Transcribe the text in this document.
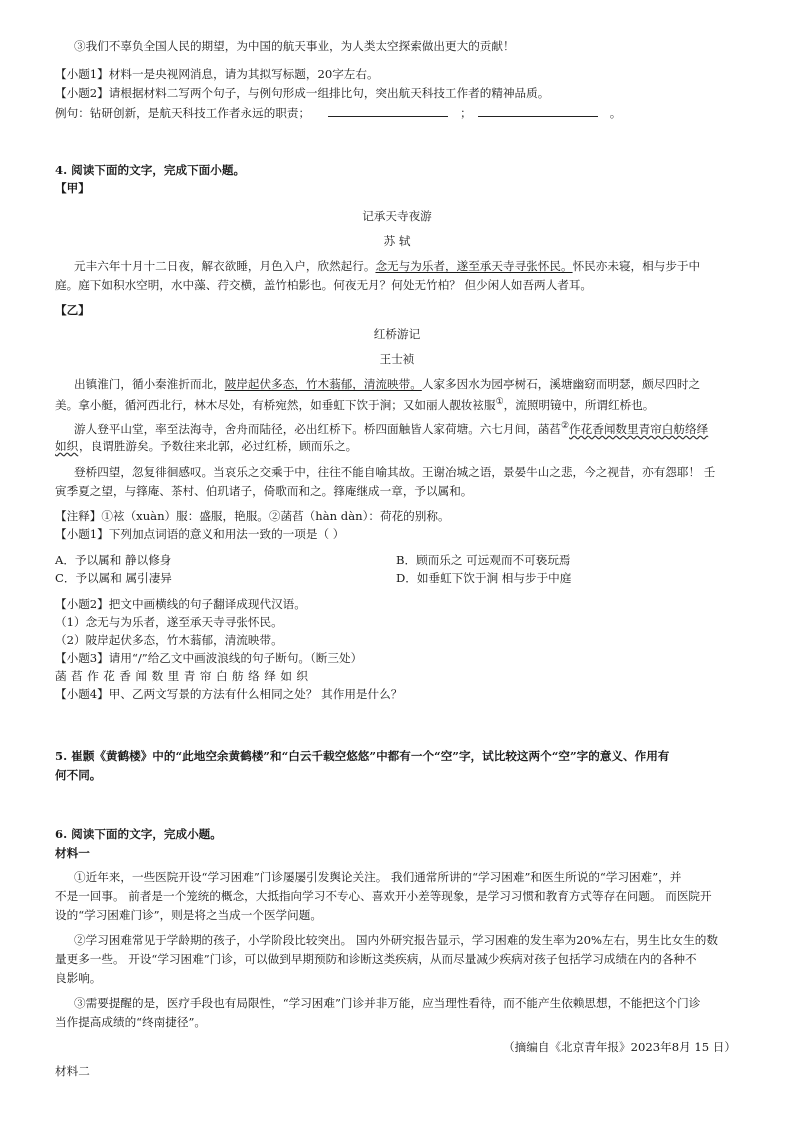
③我们不辜负全国人民的期望，为中国的航天事业，为人类太空探索做出更大的贡献！
【小题1】材料一是央视网消息，请为其拟写标题，20字左右。
【小题2】请根据材料二写两个句子，与例句形成一组排比句，突出航天科技工作者的精神品质。
例句：钻研创新，是航天科技工作者永远的职责；	；	。
4. 阅读下面的文字，完成下面小题。
【甲】
记承天寺夜游
苏 轼
元丰六年十月十二日夜，解衣欲睡，月色入户，欣然起行。念无与为乐者，遂至承天寺寻张怀民。怀民亦未寝，相与步于中
庭。庭下如积水空明，水中藻、荇交横，盖竹柏影也。何夜无月？何处无竹柏？ 但少闲人如吾两人者耳。
【乙】
红桥游记
王士祯
出镇淮门，循小秦淮折而北，陂岸起伏多态，竹木蓊郁，清流映带。人家多因水为园亭树石，溪塘幽窈而明瑟，颇尽四时之
美。拿小艇，循河西北行，林木尽处，有桥宛然，如垂虹下饮于涧；又如丽人靓妆袨服①，流照明镜中，所谓红桥也。
游人登平山堂，率至法海寺，舍舟而陆径，必出红桥下。桥四面触皆人家荷塘。六七月间，菡萏②作花香闻数里青帘白舫络绎
如织 ，良谓胜游矣。予数往来北郭，必过红桥，顾而乐之。
登桥四望，忽复徘徊感叹。当哀乐之交乘于中，往往不能自喻其故。王谢冶城之语，景晏牛山之悲，今之视昔，亦有怨耶！ 壬
寅季夏之望，与箨庵、茶村、伯玑诸子，倚歌而和之。箨庵继成一章，予以属和。
【注释】①袨（xuàn）服：盛服，艳服。②菡萏（hàn dàn）：荷花的别称。
【小题1】下列加点词语的意义和用法一致的一项是（ ）
A．予以属和 静以修身	B．顾而乐之 可远观而不可亵玩焉
C．予以属和 属引凄异	D．如垂虹下饮于涧 相与步于中庭
【小题2】把文中画横线的句子翻译成现代汉语。
（1）念无与为乐者，遂至承天寺寻张怀民。
（2）陂岸起伏多态，竹木蓊郁，清流映带。
【小题3】请用“/”给乙文中画波浪线的句子断句。（断三处）
菡萏作花香闻数里青帘白舫络绎如织
【小题4】甲、乙两文写景的方法有什么相同之处？ 其作用是什么？
5. 崔颢《黄鹤楼》中的“此地空余黄鹤楼”和“白云千载空悠悠”中都有一个“空”字，试比较这两个“空”字的意义、作用有
何不同。
6. 阅读下面的文字，完成小题。
材料一
①近年来，一些医院开设“学习困难”门诊屡屡引发舆论关注。 我们通常所讲的“学习困难”和医生所说的“学习困难”，并
不是一回事。 前者是一个笼统的概念，大抵指向学习不专心、喜欢开小差等现象，是学习习惯和教育方式等存在问题。 而医院开
设的“学习困难门诊”，则是将之当成一个医学问题。
②学习困难常见于学龄期的孩子，小学阶段比较突出。 国内外研究报告显示，学习困难的发生率为20%左右，男生比女生的数
量更多一些。 开设“学习困难”门诊，可以做到早期预防和诊断这类疾病，从而尽量减少疾病对孩子包括学习成绩在内的各种不
良影响。
③需要提醒的是，医疗手段也有局限性，“学习困难”门诊并非万能，应当理性看待，而不能产生依赖思想，不能把这个门诊
当作提高成绩的“终南捷径”。
（摘编自《北京青年报》2023年8月 15 日）
材料二
